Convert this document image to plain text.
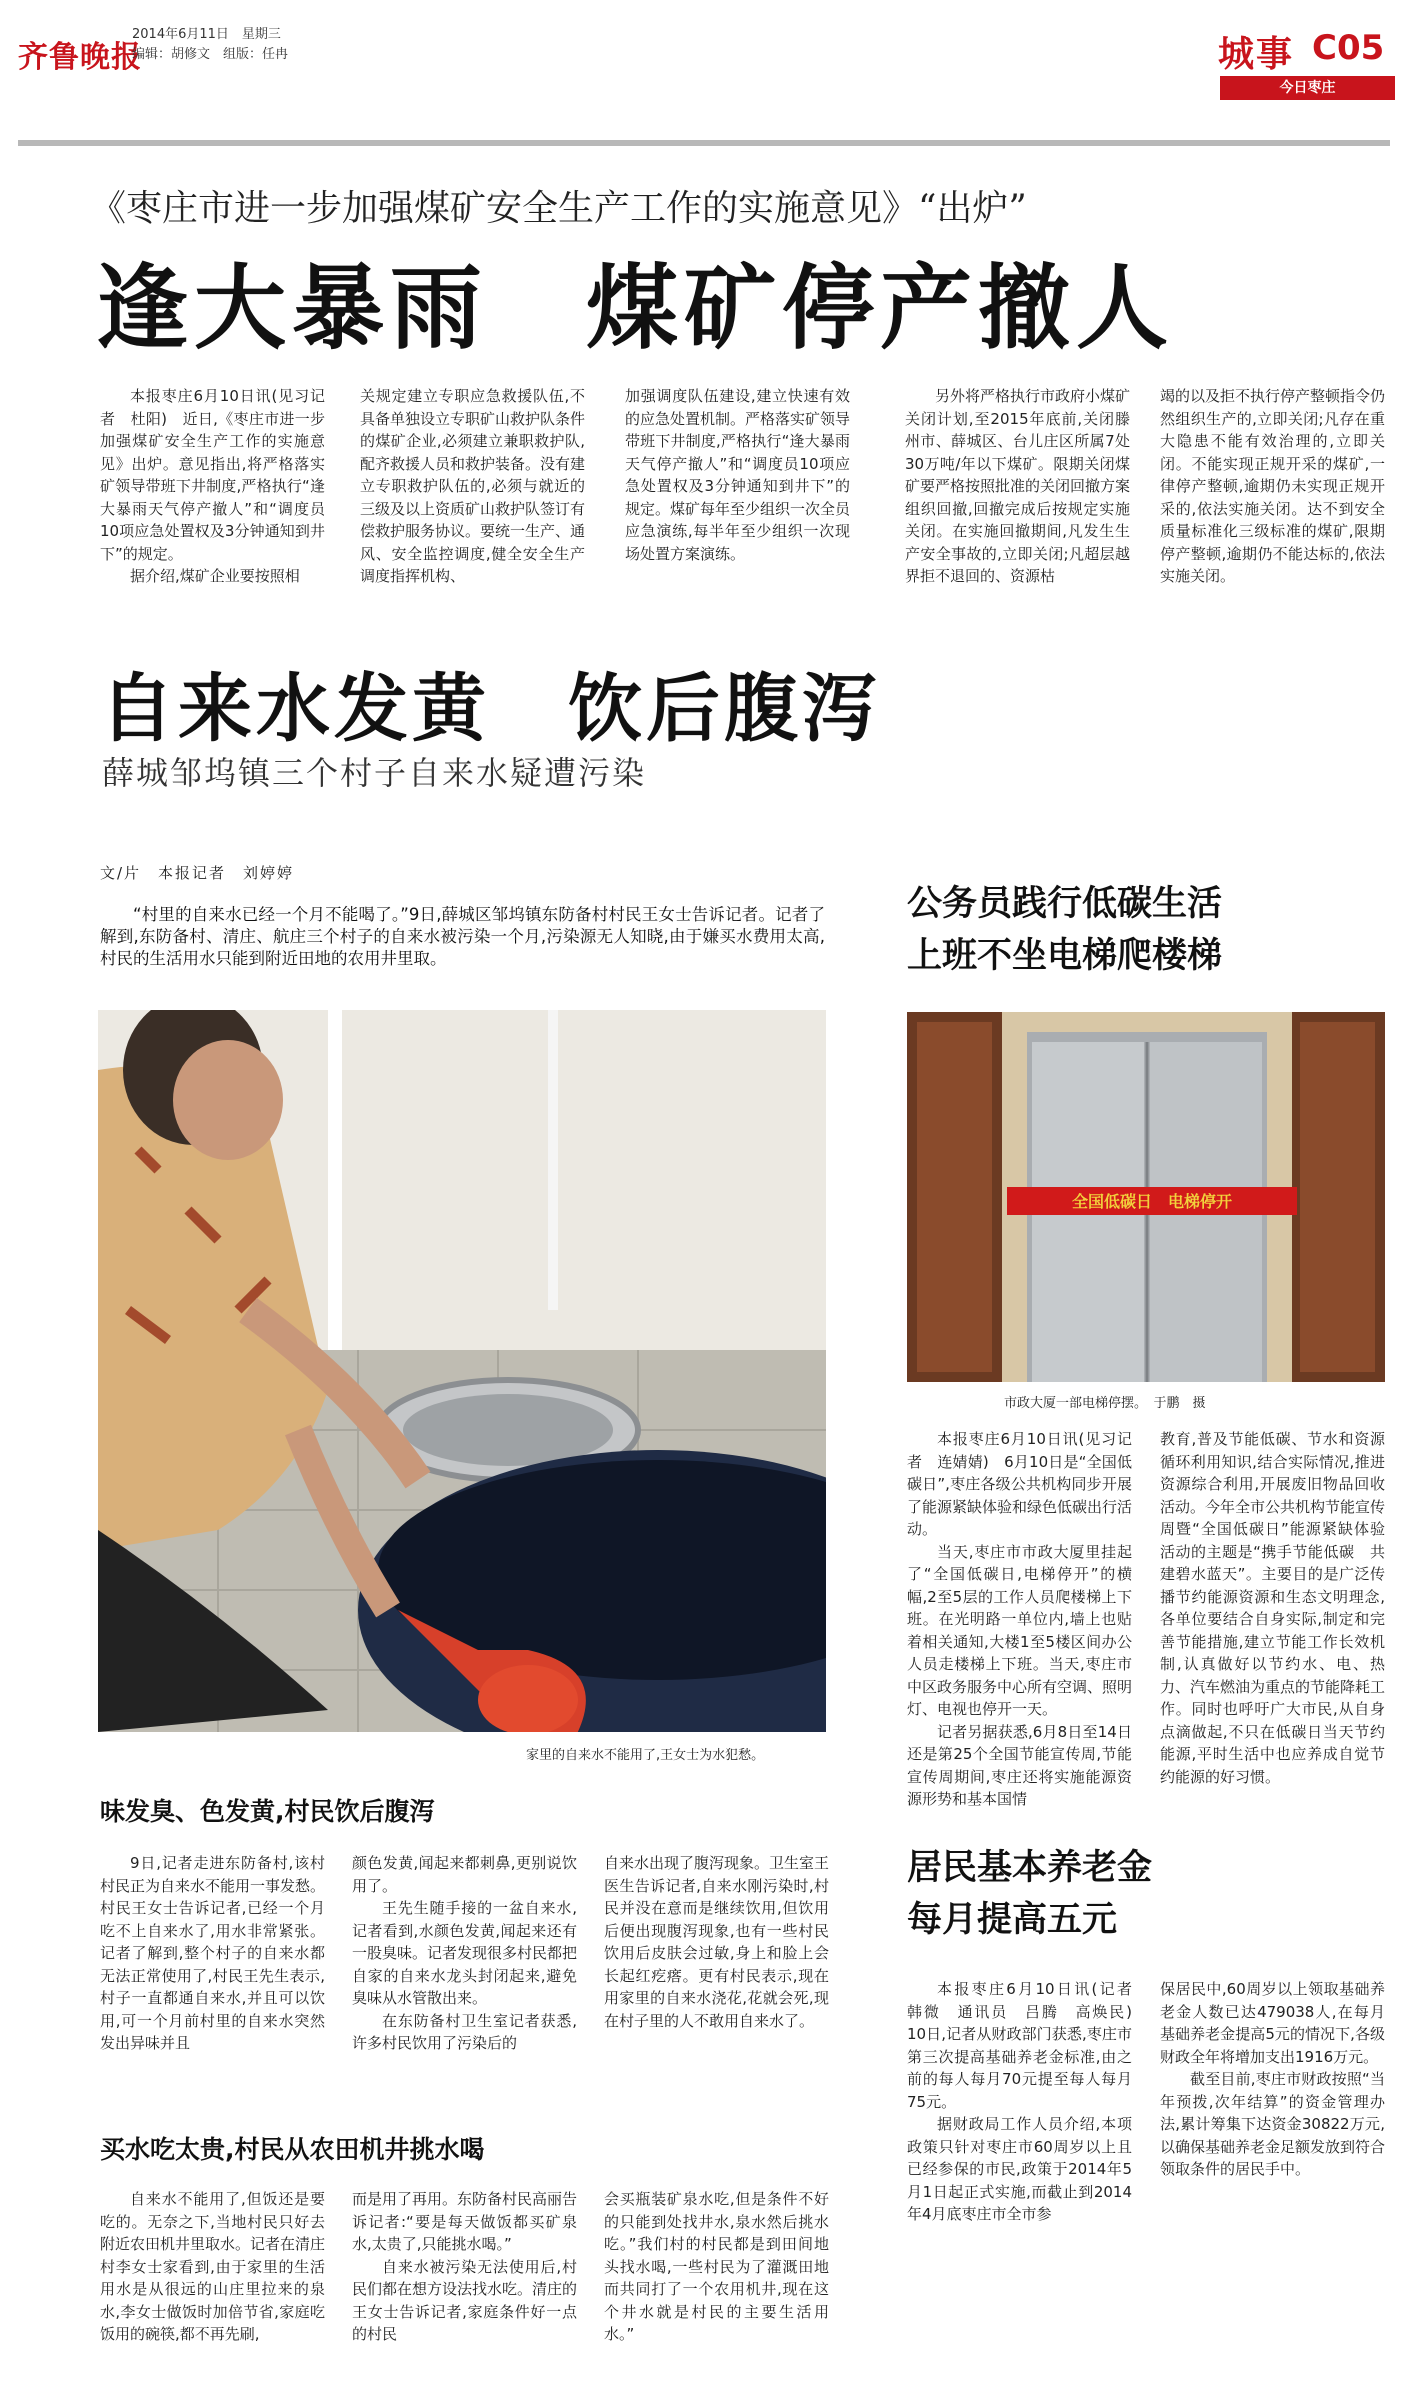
齐鲁晚报
2014年6月11日　星期三
编辑：胡修文　组版：任冉	城事 C05
今日枣庄
《枣庄市进一步加强煤矿安全生产工作的实施意见》“出炉”
逢大暴雨　煤矿停产撤人

本报枣庄6月10日讯(见习记者　杜阳)　近日,《枣庄市进一步加强煤矿安全生产工作的实施意见》出炉。意见指出,将严格落实矿领导带班下井制度,严格执行“逢大暴雨天气停产撤人”和“调度员10项应急处置权及3分钟通知到井下”的规定。

据介绍,煤矿企业要按照相

关规定建立专职应急救援队伍,不具备单独设立专职矿山救护队条件的煤矿企业,必须建立兼职救护队,配齐救援人员和救护装备。没有建立专职救护队伍的,必须与就近的三级及以上资质矿山救护队签订有偿救护服务协议。要统一生产、通风、安全监控调度,健全安全生产调度指挥机构、

加强调度队伍建设,建立快速有效的应急处置机制。严格落实矿领导带班下井制度,严格执行“逢大暴雨天气停产撤人”和“调度员10项应急处置权及3分钟通知到井下”的规定。煤矿每年至少组织一次全员应急演练,每半年至少组织一次现场处置方案演练。

另外将严格执行市政府小煤矿关闭计划,至2015年底前,关闭滕州市、薛城区、台儿庄区所属7处30万吨/年以下煤矿。限期关闭煤矿要严格按照批准的关闭回撤方案组织回撤,回撤完成后按规定实施关闭。在实施回撤期间,凡发生生产安全事故的,立即关闭;凡超层越界拒不退回的、资源枯

竭的以及拒不执行停产整顿指令仍然组织生产的,立即关闭;凡存在重大隐患不能有效治理的,立即关闭。不能实现正规开采的煤矿,一律停产整顿,逾期仍未实现正规开采的,依法实施关闭。达不到安全质量标准化三级标准的煤矿,限期停产整顿,逾期仍不能达标的,依法实施关闭。

自来水发黄　饮后腹泻
薛城邹坞镇三个村子自来水疑遭污染
文/片　本报记者　刘婷婷
“村里的自来水已经一个月不能喝了。”9日,薛城区邹坞镇东防备村村民王女士告诉记者。记者了解到,东防备村、清庄、航庄三个村子的自来水被污染一个月,污染源无人知晓,由于嫌买水费用太高,村民的生活用水只能到附近田地的农用井里取。
家里的自来水不能用了,王女士为水犯愁。
味发臭、色发黄,村民饮后腹泻

9日,记者走进东防备村,该村村民正为自来水不能用一事发愁。村民王女士告诉记者,已经一个月吃不上自来水了,用水非常紧张。记者了解到,整个村子的自来水都无法正常使用了,村民王先生表示,村子一直都通自来水,并且可以饮用,可一个月前村里的自来水突然发出异味并且

颜色发黄,闻起来都刺鼻,更别说饮用了。

王先生随手接的一盆自来水,记者看到,水颜色发黄,闻起来还有一股臭味。记者发现很多村民都把自家的自来水龙头封闭起来,避免臭味从水管散出来。

在东防备村卫生室记者获悉,许多村民饮用了污染后的

自来水出现了腹泻现象。卫生室王医生告诉记者,自来水刚污染时,村民并没在意而是继续饮用,但饮用后便出现腹泻现象,也有一些村民饮用后皮肤会过敏,身上和脸上会长起红疙瘩。更有村民表示,现在用家里的自来水浇花,花就会死,现在村子里的人不敢用自来水了。

买水吃太贵,村民从农田机井挑水喝

自来水不能用了,但饭还是要吃的。无奈之下,当地村民只好去附近农田机井里取水。记者在清庄村李女士家看到,由于家里的生活用水是从很远的山庄里拉来的泉水,李女士做饭时加倍节省,家庭吃饭用的碗筷,都不再先刷,

而是用了再用。东防备村民高丽告诉记者:“要是每天做饭都买矿泉水,太贵了,只能挑水喝。”

自来水被污染无法使用后,村民们都在想方设法找水吃。清庄的王女士告诉记者,家庭条件好一点的村民

会买瓶装矿泉水吃,但是条件不好的只能到处找井水,泉水然后挑水吃。”我们村的村民都是到田间地头找水喝,一些村民为了灌溉田地而共同打了一个农用机井,现在这个井水就是村民的主要生活用水。”

公务员践行低碳生活
上班不坐电梯爬楼梯
全国低碳日　电梯停开
市政大厦一部电梯停摆。　于鹏　摄

本报枣庄6月10日讯(见习记者　连婧婧)　6月10日是“全国低碳日”,枣庄各级公共机构同步开展了能源紧缺体验和绿色低碳出行活动。

当天,枣庄市市政大厦里挂起了“全国低碳日,电梯停开”的横幅,2至5层的工作人员爬楼梯上下班。在光明路一单位内,墙上也贴着相关通知,大楼1至5楼区间办公人员走楼梯上下班。当天,枣庄市中区政务服务中心所有空调、照明灯、电视也停开一天。

记者另据获悉,6月8日至14日还是第25个全国节能宣传周,节能宣传周期间,枣庄还将实施能源资源形势和基本国情

教育,普及节能低碳、节水和资源循环利用知识,结合实际情况,推进资源综合利用,开展废旧物品回收活动。今年全市公共机构节能宣传周暨“全国低碳日”能源紧缺体验活动的主题是“携手节能低碳　共建碧水蓝天”。主要目的是广泛传播节约能源资源和生态文明理念,各单位要结合自身实际,制定和完善节能措施,建立节能工作长效机制,认真做好以节约水、电、热力、汽车燃油为重点的节能降耗工作。同时也呼吁广大市民,从自身点滴做起,不只在低碳日当天节约能源,平时生活中也应养成自觉节约能源的好习惯。

居民基本养老金
每月提高五元

本报枣庄6月10日讯(记者　韩微　通讯员　吕腾　高焕民)　10日,记者从财政部门获悉,枣庄市第三次提高基础养老金标准,由之前的每人每月70元提至每人每月75元。

据财政局工作人员介绍,本项政策只针对枣庄市60周岁以上且已经参保的市民,政策于2014年5月1日起正式实施,而截止到2014年4月底枣庄市全市参

保居民中,60周岁以上领取基础养老金人数已达479038人,在每月基础养老金提高5元的情况下,各级财政全年将增加支出1916万元。

截至目前,枣庄市财政按照“当年预拨,次年结算”的资金管理办法,累计筹集下达资金30822万元,以确保基础养老金足额发放到符合领取条件的居民手中。
